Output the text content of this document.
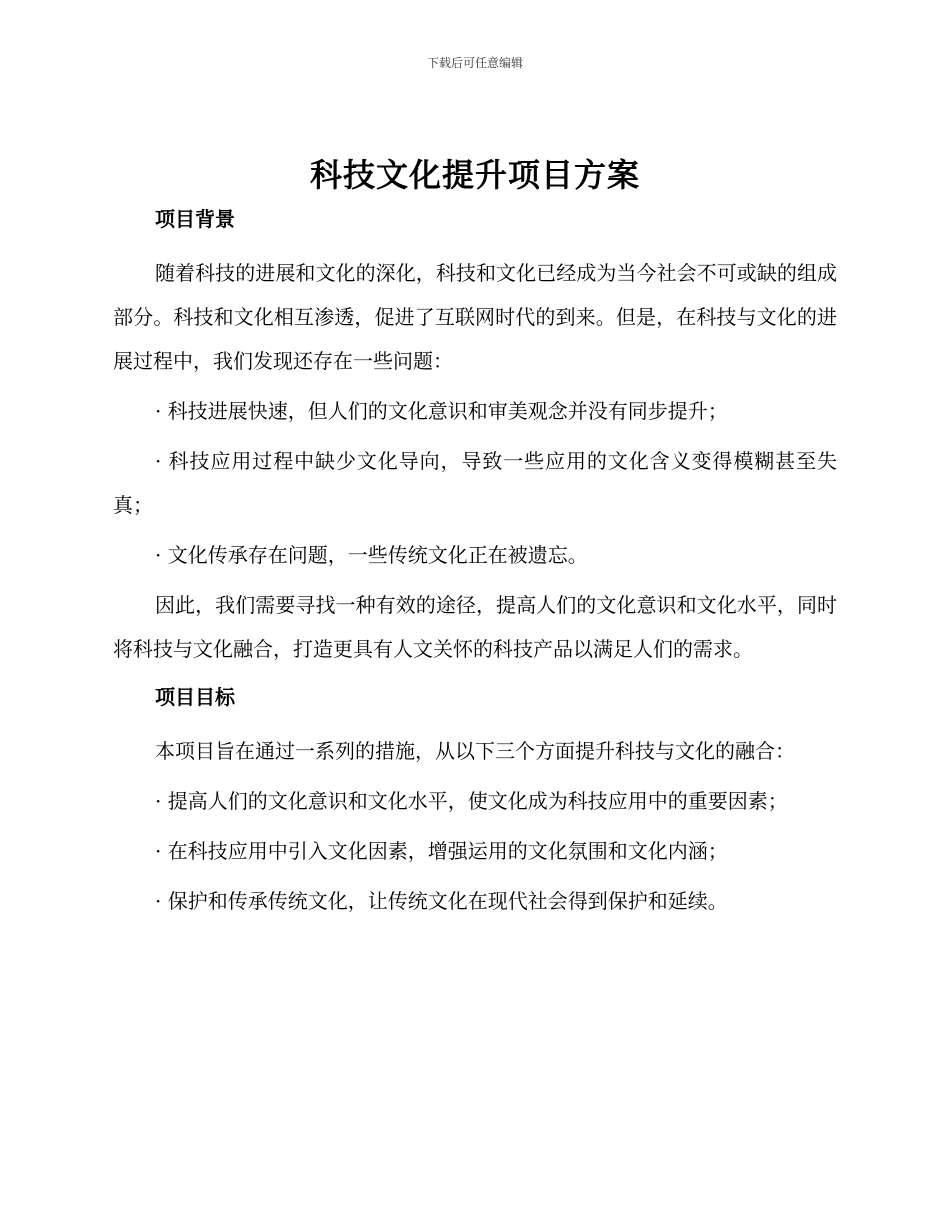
下载后可任意编辑
科技文化提升项目方案
项目背景

随着科技的进展和文化的深化，科技和文化已经成为当今社会不可或缺的组成部分。科技和文化相互渗透，促进了互联网时代的到来。但是，在科技与文化的进展过程中，我们发现还存在一些问题：

· 科技进展快速，但人们的文化意识和审美观念并没有同步提升；

· 科技应用过程中缺少文化导向，导致一些应用的文化含义变得模糊甚至失真；

· 文化传承存在问题，一些传统文化正在被遗忘。

因此，我们需要寻找一种有效的途径，提高人们的文化意识和文化水平，同时将科技与文化融合，打造更具有人文关怀的科技产品以满足人们的需求。

项目目标

本项目旨在通过一系列的措施，从以下三个方面提升科技与文化的融合：

· 提高人们的文化意识和文化水平，使文化成为科技应用中的重要因素；

· 在科技应用中引入文化因素，增强运用的文化氛围和文化内涵；

· 保护和传承传统文化，让传统文化在现代社会得到保护和延续。
